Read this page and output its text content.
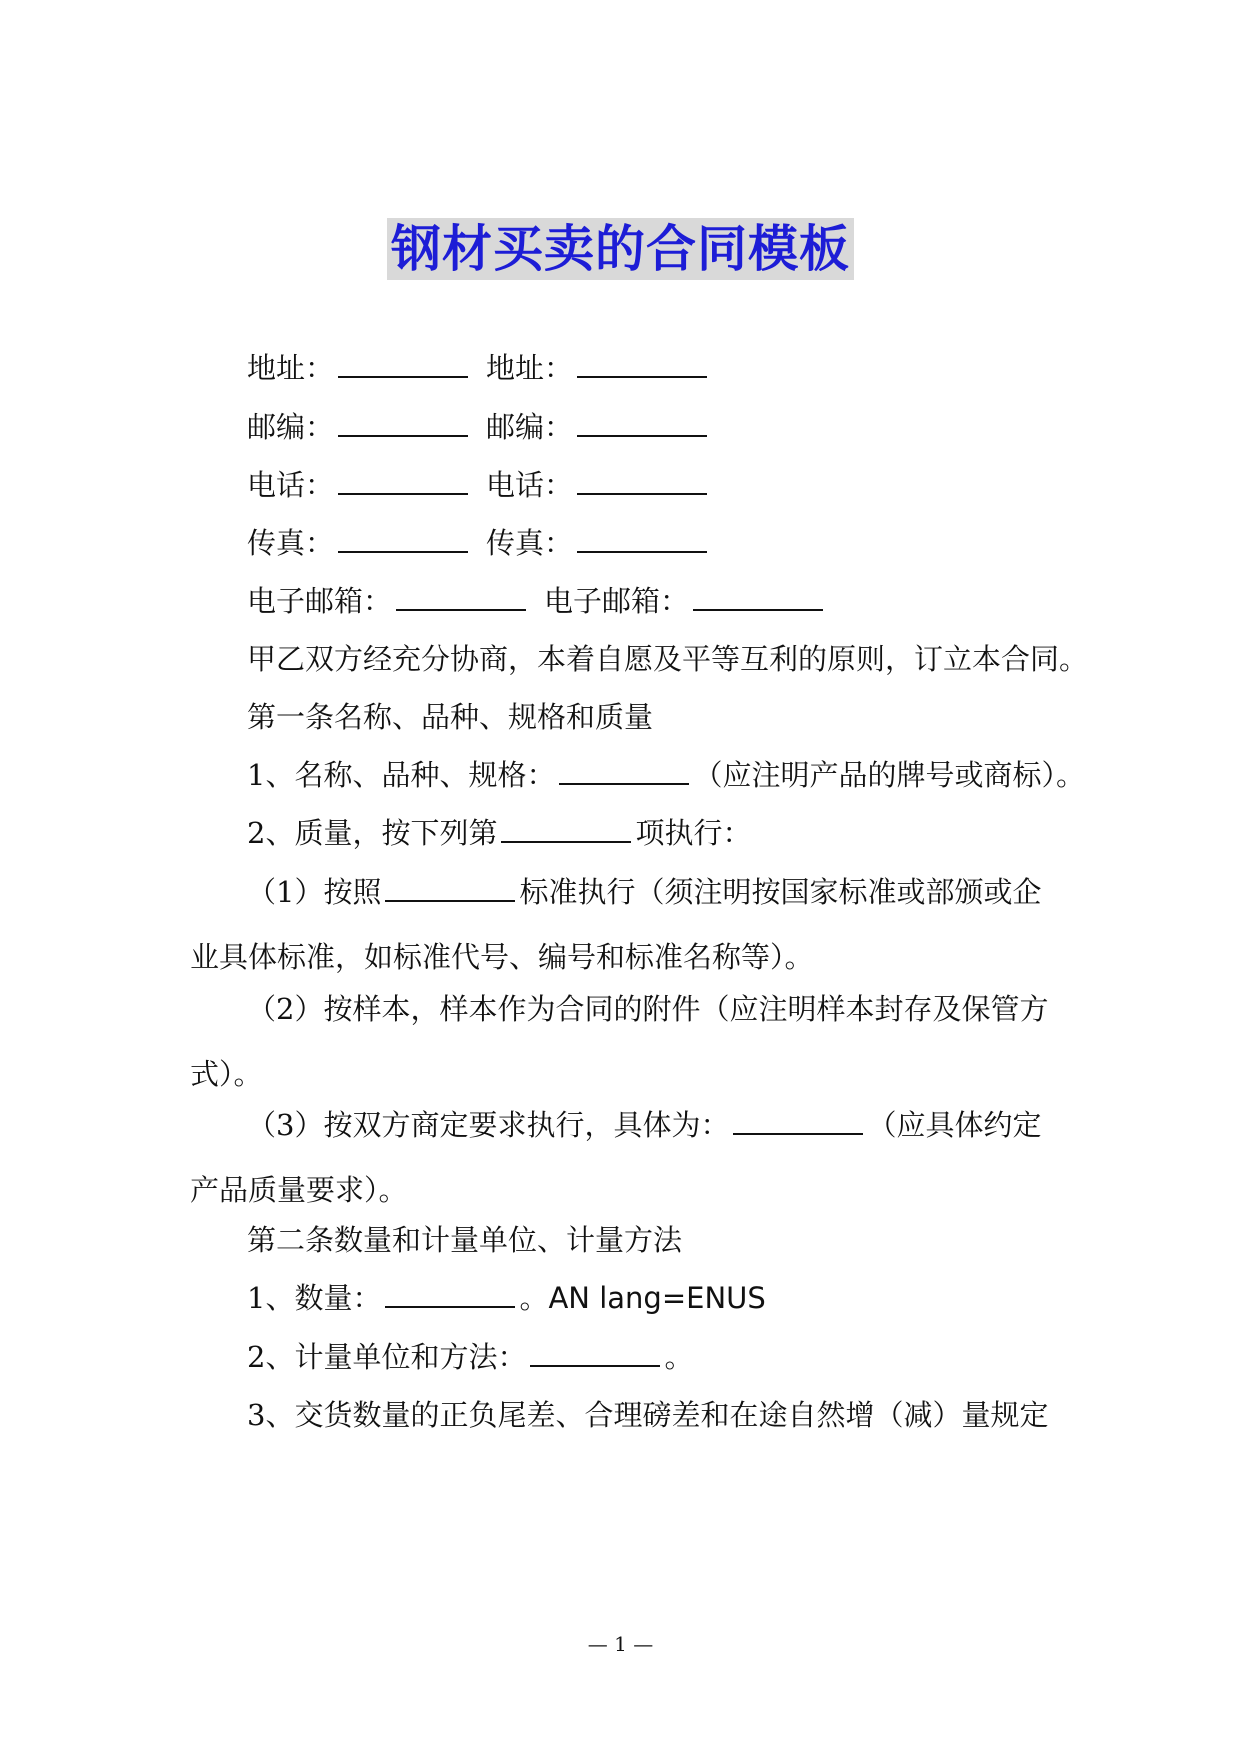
钢材买卖的合同模板
地址：	地址：
邮编：	邮编：
电话：	电话：
传真：	传真：
电子邮箱：	电子邮箱：
甲乙双方经充分协商，本着自愿及平等互利的原则，订立本合同。
第一条名称、品种、规格和质量
1、名称、品种、规格：	（应注明产品的牌号或商标）。
2、质量，按下列第	项执行：
（1）按照	标准执行（须注明按国家标准或部颁或企业具体标准，如标准代号、编号和标准名称等）。
（2）按样本，样本作为合同的附件（应注明样本封存及保管方式）。
（3）按双方商定要求执行，具体为：	（应具体约定产品质量要求）。
第二条数量和计量单位、计量方法
1、数量：	。AN lang=ENUS
2、计量单位和方法：	。
3、交货数量的正负尾差、合理磅差和在途自然增（减）量规定
— 1 —
